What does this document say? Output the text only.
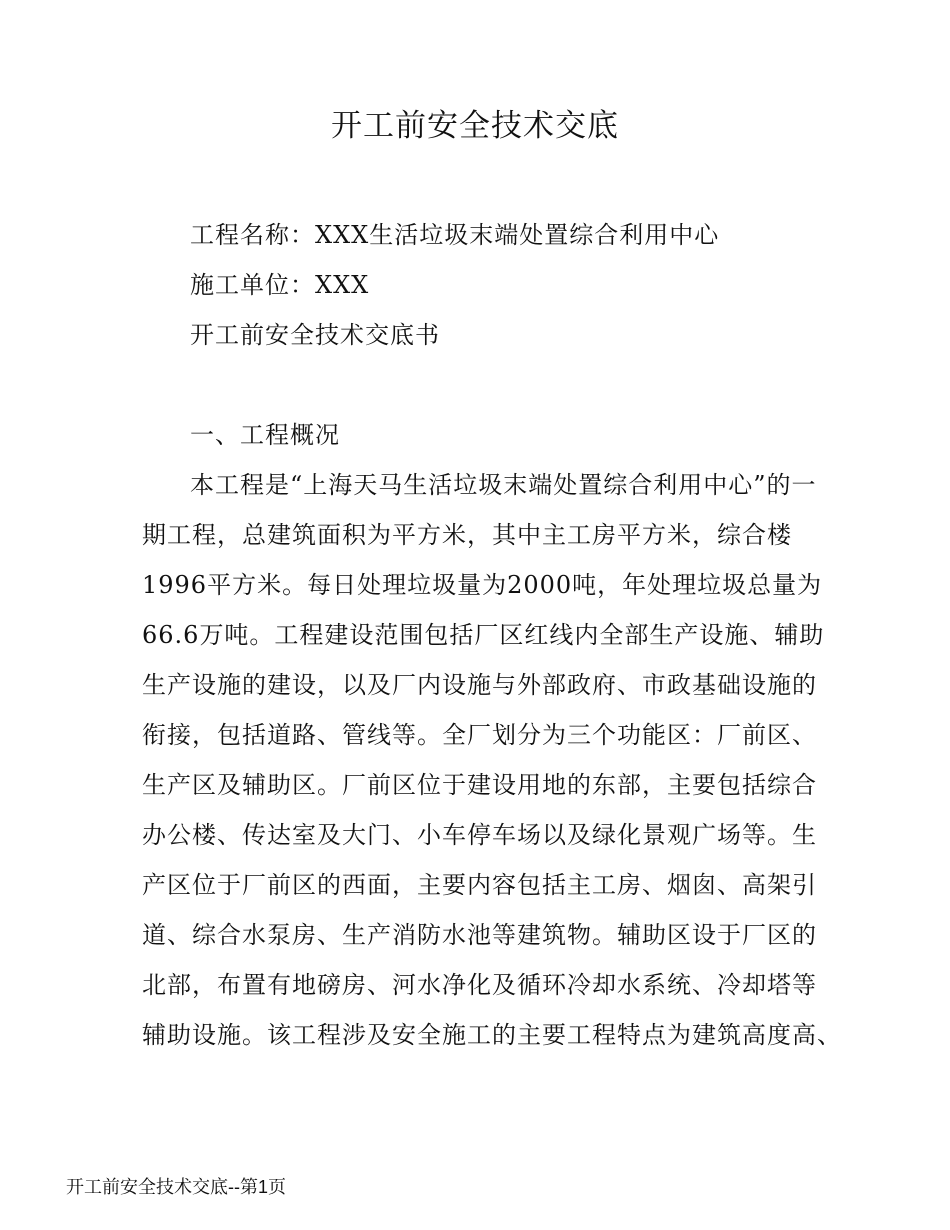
开工前安全技术交底
工程名称：XXX生活垃圾末端处置综合利用中心
施工单位：XXX
开工前安全技术交底书
一、工程概况
本工程是“上海天马生活垃圾末端处置综合利用中心”的一
期工程，总建筑面积为平方米，其中主工房平方米，综合楼
1996平方米。每日处理垃圾量为2000吨，年处理垃圾总量为
66.6万吨。工程建设范围包括厂区红线内全部生产设施、辅助
生产设施的建设，以及厂内设施与外部政府、市政基础设施的
衔接，包括道路、管线等。全厂划分为三个功能区：厂前区、
生产区及辅助区。厂前区位于建设用地的东部，主要包括综合
办公楼、传达室及大门、小车停车场以及绿化景观广场等。生
产区位于厂前区的西面，主要内容包括主工房、烟囱、高架引
道、综合水泵房、生产消防水池等建筑物。辅助区设于厂区的
北部，布置有地磅房、河水净化及循环冷却水系统、冷却塔等
辅助设施。该工程涉及安全施工的主要工程特点为建筑高度高、
开工前安全技术交底--第1页
